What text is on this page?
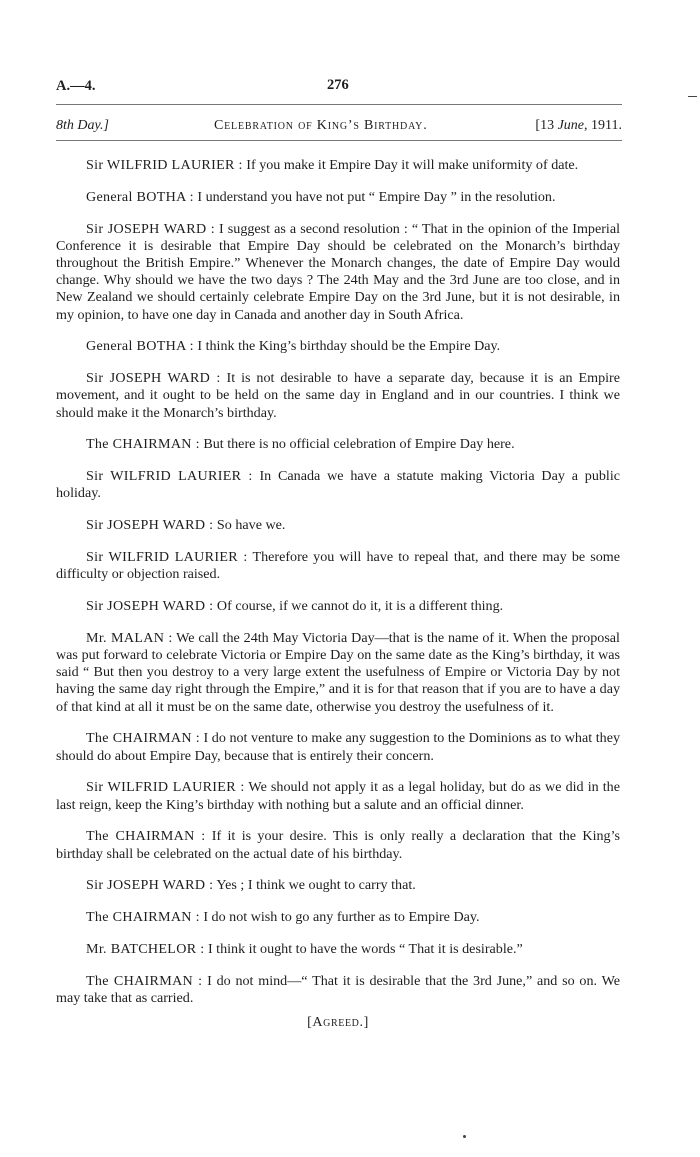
A.—4.	276
8th Day.]	Celebration of King’s Birthday.	[13 June, 1911.

Sir WILFRID LAURIER : If you make it Empire Day it will make uniformity of date.

General BOTHA : I understand you have not put “ Empire Day ” in the resolution.

Sir JOSEPH WARD : I suggest as a second resolution : “ That in the opinion of the Imperial Conference it is desirable that Empire Day should be celebrated on the Monarch’s birthday throughout the British Empire.” Whenever the Monarch changes, the date of Empire Day would change. Why should we have the two days ? The 24th May and the 3rd June are too close, and in New Zealand we should certainly celebrate Empire Day on the 3rd June, but it is not desirable, in my opinion, to have one day in Canada and another day in South Africa.

General BOTHA : I think the King’s birthday should be the Empire Day.

Sir JOSEPH WARD : It is not desirable to have a separate day, because it is an Empire movement, and it ought to be held on the same day in England and in our countries. I think we should make it the Monarch’s birthday.

The CHAIRMAN : But there is no official celebration of Empire Day here.

Sir WILFRID LAURIER : In Canada we have a statute making Victoria Day a public holiday.

Sir JOSEPH WARD : So have we.

Sir WILFRID LAURIER : Therefore you will have to repeal that, and there may be some difficulty or objection raised.

Sir JOSEPH WARD : Of course, if we cannot do it, it is a different thing.

Mr. MALAN : We call the 24th May Victoria Day—that is the name of it. When the proposal was put forward to celebrate Victoria or Empire Day on the same date as the King’s birthday, it was said “ But then you destroy to a very large extent the usefulness of Empire or Victoria Day by not having the same day right through the Empire,” and it is for that reason that if you are to have a day of that kind at all it must be on the same date, otherwise you destroy the usefulness of it.

The CHAIRMAN : I do not venture to make any suggestion to the Dominions as to what they should do about Empire Day, because that is entirely their concern.

Sir WILFRID LAURIER : We should not apply it as a legal holiday, but do as we did in the last reign, keep the King’s birthday with nothing but a salute and an official dinner.

The CHAIRMAN : If it is your desire. This is only really a declaration that the King’s birthday shall be celebrated on the actual date of his birthday.

Sir JOSEPH WARD : Yes ; I think we ought to carry that.

The CHAIRMAN : I do not wish to go any further as to Empire Day.

Mr. BATCHELOR : I think it ought to have the words “ That it is desirable.”

The CHAIRMAN : I do not mind—“ That it is desirable that the 3rd June,” and so on. We may take that as carried.

[Agreed.]
